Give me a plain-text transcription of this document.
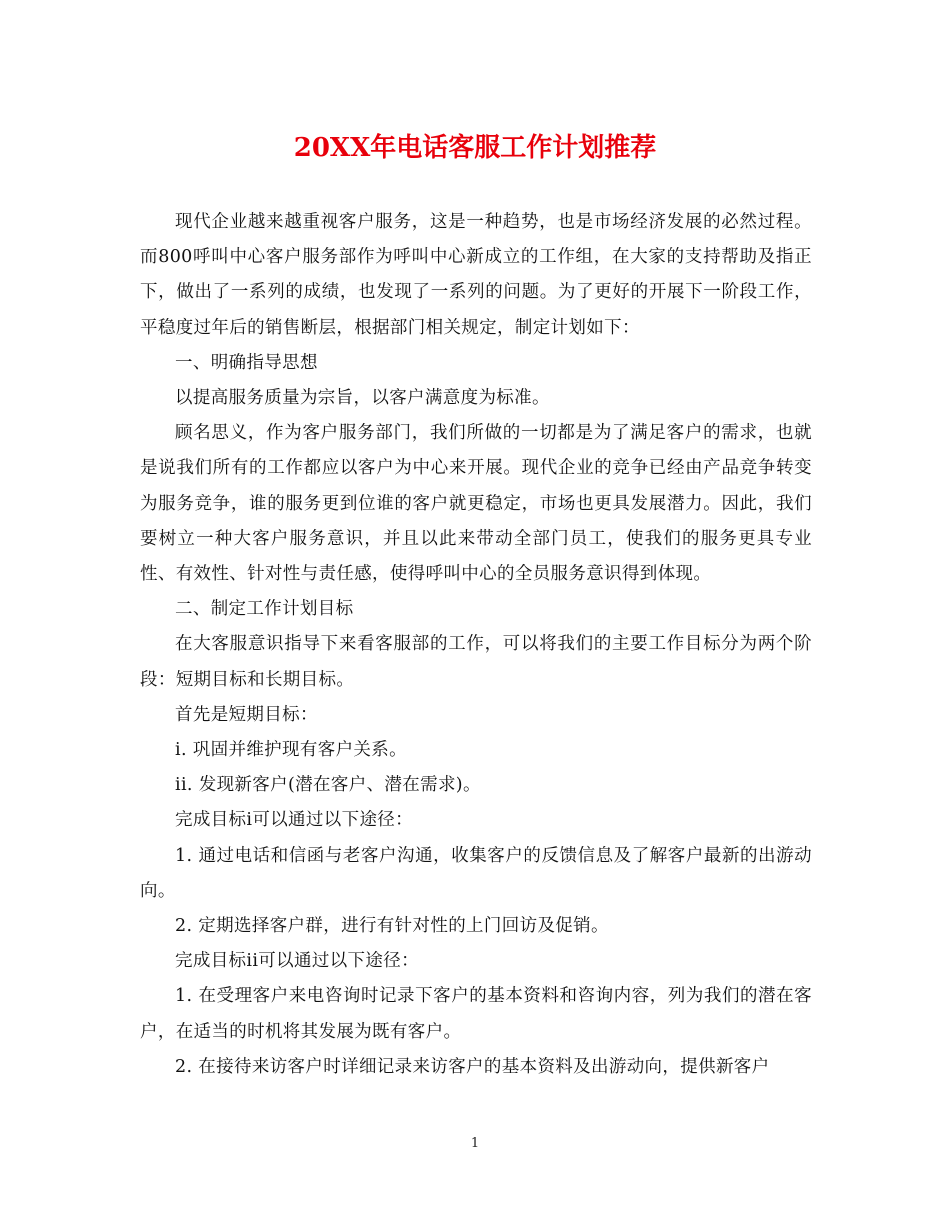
20XX年电话客服工作计划推荐

现代企业越来越重视客户服务，这是一种趋势，也是市场经济发展的必然过程。而800呼叫中心客户服务部作为呼叫中心新成立的工作组，在大家的支持帮助及指正下，做出了一系列的成绩，也发现了一系列的问题。为了更好的开展下一阶段工作，平稳度过年后的销售断层，根据部门相关规定，制定计划如下：

一、明确指导思想

以提高服务质量为宗旨，以客户满意度为标准。

顾名思义，作为客户服务部门，我们所做的一切都是为了满足客户的需求，也就是说我们所有的工作都应以客户为中心来开展。现代企业的竞争已经由产品竞争转变为服务竞争，谁的服务更到位谁的客户就更稳定，市场也更具发展潜力。因此，我们要树立一种大客户服务意识，并且以此来带动全部门员工，使我们的服务更具专业性、有效性、针对性与责任感，使得呼叫中心的全员服务意识得到体现。

二、制定工作计划目标

在大客服意识指导下来看客服部的工作，可以将我们的主要工作目标分为两个阶段：短期目标和长期目标。

首先是短期目标：

i. 巩固并维护现有客户关系。

ii. 发现新客户(潜在客户、潜在需求)。

完成目标i可以通过以下途径：

1. 通过电话和信函与老客户沟通，收集客户的反馈信息及了解客户最新的出游动向。

2. 定期选择客户群，进行有针对性的上门回访及促销。

完成目标ii可以通过以下途径：

1. 在受理客户来电咨询时记录下客户的基本资料和咨询内容，列为我们的潜在客户，在适当的时机将其发展为既有客户。

2. 在接待来访客户时详细记录来访客户的基本资料及出游动向，提供新客户

1
